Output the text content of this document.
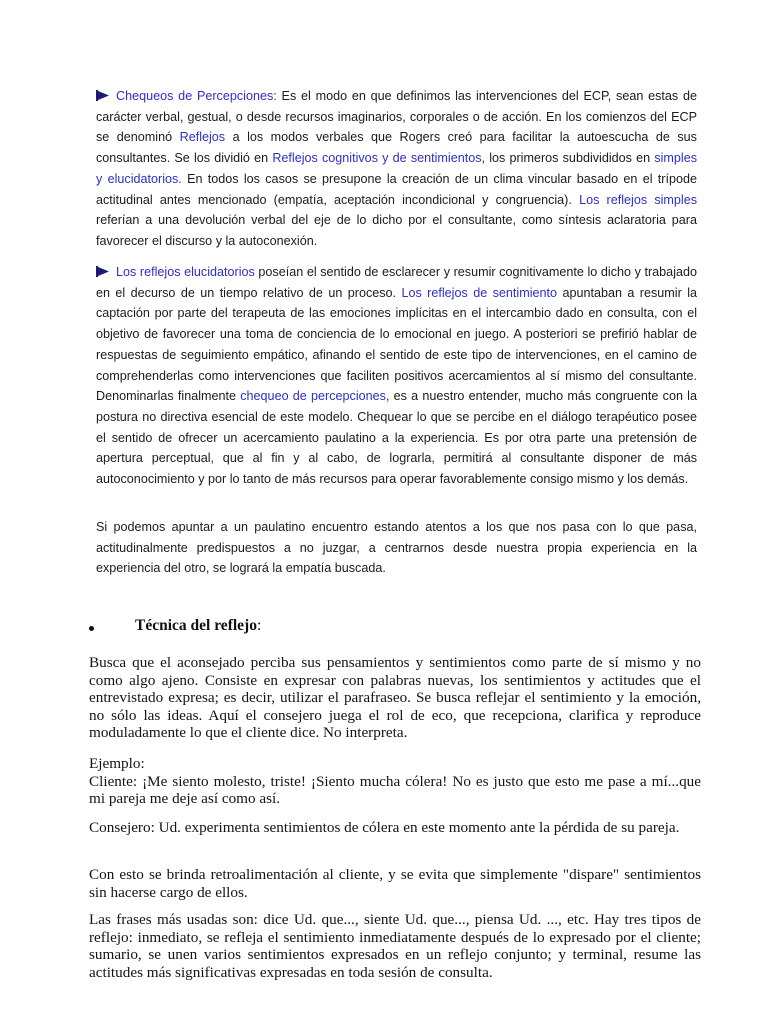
Chequeos de Percepciones: Es el modo en que definimos las intervenciones del ECP, sean estas de carácter verbal, gestual, o desde recursos imaginarios, corporales o de acción. En los comienzos del ECP se denominó Reflejos a los modos verbales que Rogers creó para facilitar la autoescucha de sus consultantes. Se los dividió en Reflejos cognitivos y de sentimientos, los primeros subdivididos en simples y elucidatorios. En todos los casos se presupone la creación de un clima vincular basado en el trípode actitudinal antes mencionado (empatía, aceptación incondicional y congruencia). Los reflejos simples referían a una devolución verbal del eje de lo dicho por el consultante, como síntesis aclaratoria para favorecer el discurso y la autoconexión.
Los reflejos elucidatorios poseían el sentido de esclarecer y resumir cognitivamente lo dicho y trabajado en el decurso de un tiempo relativo de un proceso. Los reflejos de sentimiento apuntaban a resumir la captación por parte del terapeuta de las emociones implícitas en el intercambio dado en consulta, con el objetivo de favorecer una toma de conciencia de lo emocional en juego. A posteriori se prefirió hablar de respuestas de seguimiento empático, afinando el sentido de este tipo de intervenciones, en el camino de comprehenderlas como intervenciones que faciliten positivos acercamientos al sí mismo del consultante. Denominarlas finalmente chequeo de percepciones, es a nuestro entender, mucho más congruente con la postura no directiva esencial de este modelo. Chequear lo que se percibe en el diálogo terapéutico posee el sentido de ofrecer un acercamiento paulatino a la experiencia. Es por otra parte una pretensión de apertura perceptual, que al fin y al cabo, de lograrla, permitirá al consultante disponer de más autoconocimiento y por lo tanto de más recursos para operar favorablemente consigo mismo y los demás.
Si podemos apuntar a un paulatino encuentro estando atentos a los que nos pasa con lo que pasa, actitudinalmente predispuestos a no juzgar, a centrarnos desde nuestra propia experiencia en la experiencia del otro, se logrará la empatía buscada.
Técnica del reflejo:
Busca que el aconsejado perciba sus pensamientos y sentimientos como parte de sí mismo y no como algo ajeno. Consiste en expresar con palabras nuevas, los sentimientos y actitudes que el entrevistado expresa; es decir, utilizar el parafraseo. Se busca reflejar el sentimiento y la emoción, no sólo las ideas. Aquí el consejero juega el rol de eco, que recepciona, clarifica y reproduce moduladamente lo que el cliente dice. No interpreta.
Ejemplo:
Cliente: ¡Me siento molesto, triste! ¡Siento mucha cólera! No es justo que esto me pase a mí...que mi pareja me deje así como así.
Consejero: Ud. experimenta sentimientos de cólera en este momento ante la pérdida de su pareja.
Con esto se brinda retroalimentación al cliente, y se evita que simplemente "dispare" sentimientos sin hacerse cargo de ellos.
Las frases más usadas son: dice Ud. que..., siente Ud. que..., piensa Ud. ..., etc. Hay tres tipos de reflejo: inmediato, se refleja el sentimiento inmediatamente después de lo expresado por el cliente; sumario, se unen varios sentimientos expresados en un reflejo conjunto; y terminal, resume las actitudes más significativas expresadas en toda sesión de consulta.
